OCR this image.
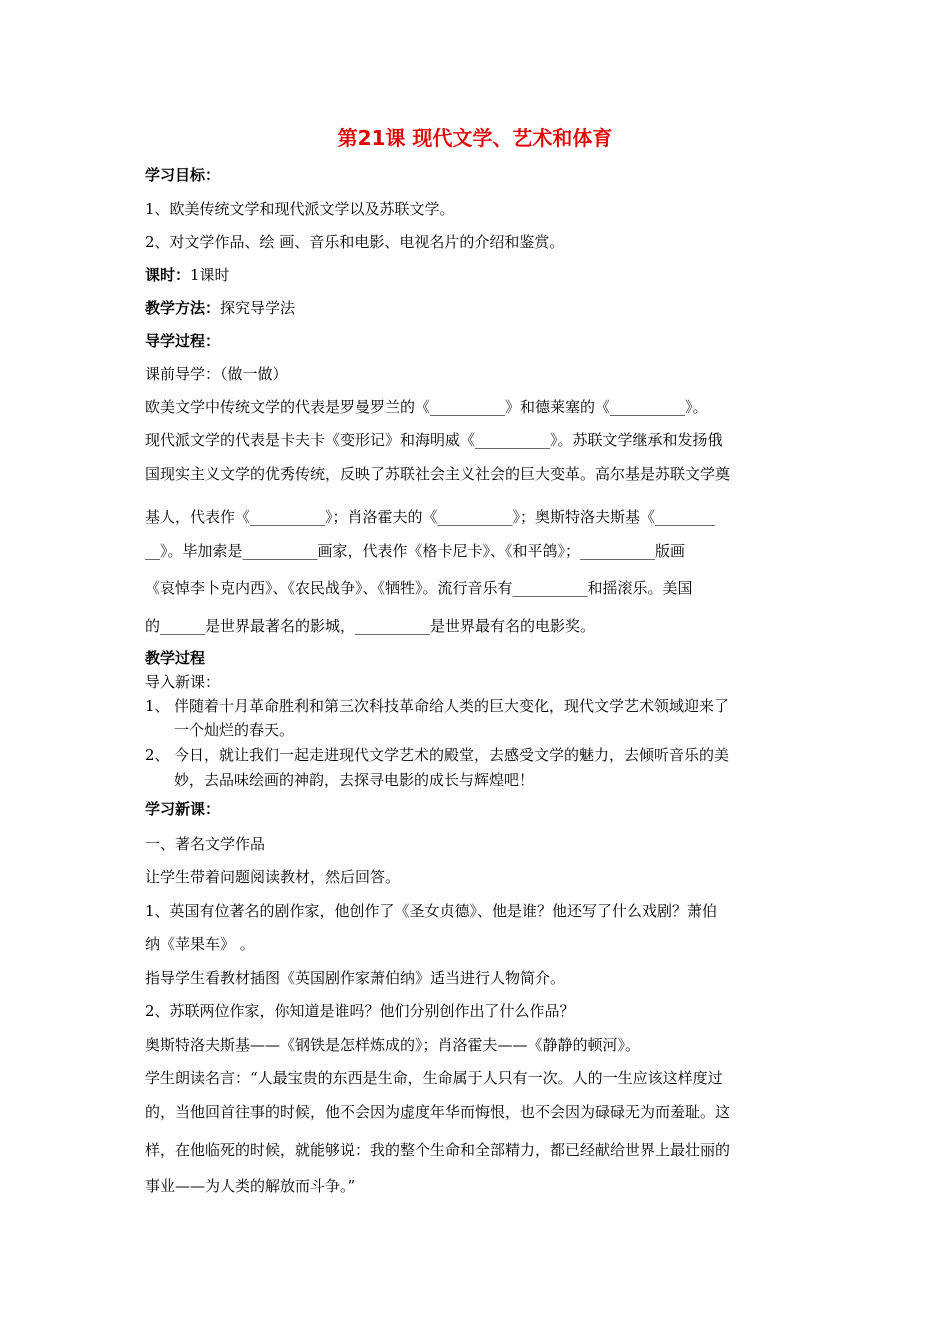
第21课 现代文学、艺术和体育
学习目标：
1、欧美传统文学和现代派文学以及苏联文学。
2、对文学作品、绘 画、音乐和电影、电视名片的介绍和鉴赏。
课时：1课时
教学方法：探究导学法
导学过程：
课前导学：（做一做）
欧美文学中传统文学的代表是罗曼罗兰的《__________》和德莱塞的《__________》。
现代派文学的代表是卡夫卡《变形记》和海明威《__________》。苏联文学继承和发扬俄
国现实主义文学的优秀传统，反映了苏联社会主义社会的巨大变革。高尔基是苏联文学奠
基人，代表作《__________》；肖洛霍夫的《__________》；奥斯特洛夫斯基《________
__》。毕加索是__________画家，代表作《格卡尼卡》、《和平鸽》；__________版画
《哀悼李卜克内西》、《农民战争》、《牺牲》。流行音乐有__________和摇滚乐。美国
的______是世界最著名的影城，__________是世界最有名的电影奖。
教学过程
导入新课：
1、 伴随着十月革命胜利和第三次科技革命给人类的巨大变化，现代文学艺术领域迎来了
一个灿烂的春天。
2、 今日，就让我们一起走进现代文学艺术的殿堂，去感受文学的魅力，去倾听音乐的美
妙，去品味绘画的神韵，去探寻电影的成长与辉煌吧！
学习新课：
一、著名文学作品
让学生带着问题阅读教材，然后回答。
1、英国有位著名的剧作家，他创作了《圣女贞德》、他是谁？他还写了什么戏剧？萧伯
纳《苹果车》 。
指导学生看教材插图《英国剧作家萧伯纳》适当进行人物简介。
2、苏联两位作家，你知道是谁吗？他们分别创作出了什么作品？
奥斯特洛夫斯基——《钢铁是怎样炼成的》；肖洛霍夫——《静静的顿河》。
学生朗读名言：“人最宝贵的东西是生命，生命属于人只有一次。人的一生应该这样度过
的，当他回首往事的时候，他不会因为虚度年华而悔恨，也不会因为碌碌无为而羞耻。这
样，在他临死的时候，就能够说：我的整个生命和全部精力，都已经献给世界上最壮丽的
事业——为人类的解放而斗争。”
